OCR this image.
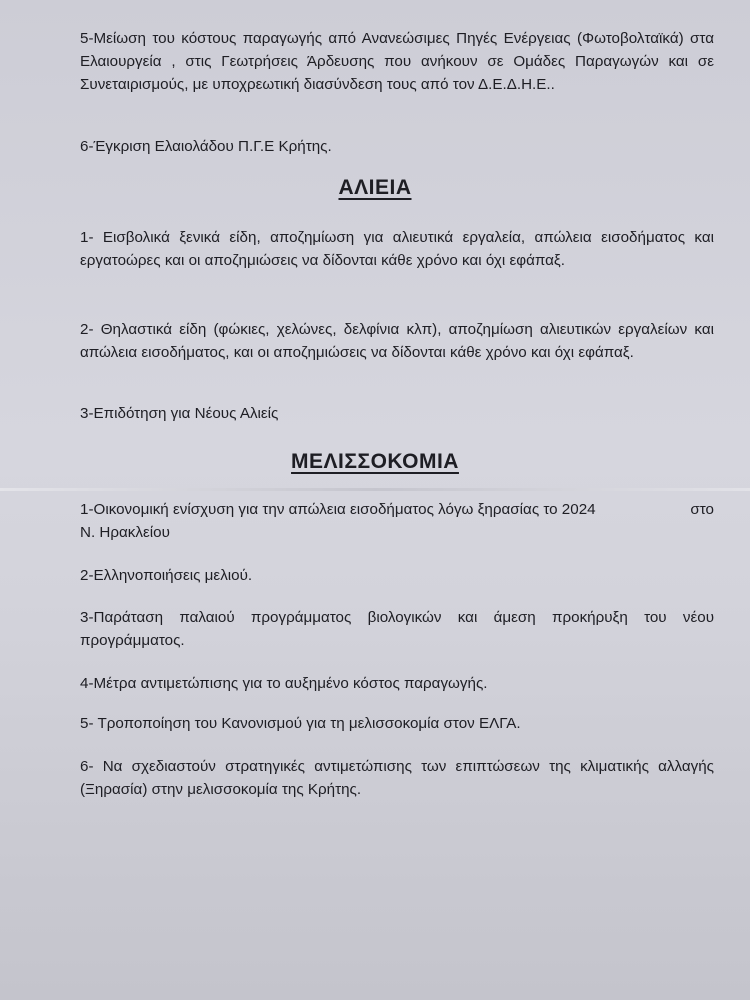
5-Μείωση του κόστους παραγωγής από Ανανεώσιμες Πηγές Ενέργειας (Φωτοβολταϊκά) στα Ελαιουργεία , στις Γεωτρήσεις Άρδευσης που ανήκουν σε Ομάδες Παραγωγών και σε Συνεταιρισμούς, με υποχρεωτική διασύνδεση τους από τον Δ.Ε.Δ.Η.Ε..
6-Έγκριση Ελαιολάδου Π.Γ.Ε Κρήτης.
ΑΛΙΕΙΑ
1- Εισβολικά ξενικά είδη, αποζημίωση για αλιευτικά εργαλεία, απώλεια εισοδήματος και εργατοώρες και οι αποζημιώσεις να δίδονται κάθε χρόνο και όχι εφάπαξ.
2- Θηλαστικά είδη (φώκιες, χελώνες, δελφίνια κλπ), αποζημίωση αλιευτικών εργαλείων και απώλεια εισοδήματος, και οι αποζημιώσεις να δίδονται κάθε χρόνο και όχι εφάπαξ.
3-Επιδότηση για Νέους Αλιείς
ΜΕΛΙΣΣΟΚΟΜΙΑ
1-Οικονομική ενίσχυση για την απώλεια εισοδήματος λόγω ξηρασίας το 2024	στο
Ν. Ηρακλείου
2-Ελληνοποιήσεις μελιού.
3-Παράταση παλαιού προγράμματος βιολογικών και άμεση προκήρυξη του νέου προγράμματος.
4-Μέτρα αντιμετώπισης για το αυξημένο κόστος παραγωγής.
5- Τροποποίηση του Κανονισμού για τη μελισσοκομία στον ΕΛΓΑ.
6- Να σχεδιαστούν στρατηγικές αντιμετώπισης των επιπτώσεων της κλιματικής αλλαγής (Ξηρασία) στην μελισσοκομία της Κρήτης.
